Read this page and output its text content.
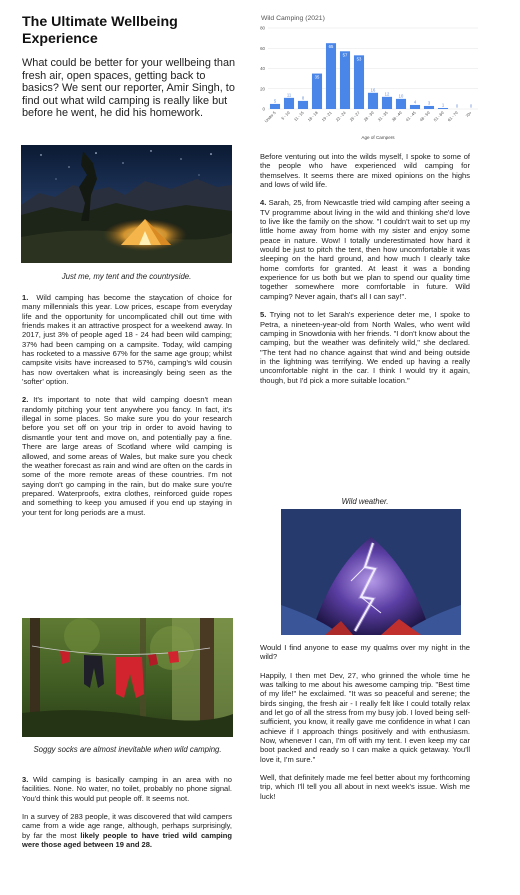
The Ultimate Wellbeing Experience

What could be better for your wellbeing than fresh air, open spaces, getting back to basics? We sent our reporter, Amir Singh, to find out what wild camping is really like but before he went, he did his homework.

Just me, my tent and the countryside.

1. Wild camping has become the staycation of choice for many millennials this year. Low prices, escape from everyday life and the opportunity for uncomplicated chill out time with friends makes it an attractive prospect for a weekend away. In 2017, just 3% of people aged 18 - 24 had been wild camping; 37% had been camping on a campsite. Today, wild camping has rocketed to a massive 67% for the same age group; whilst campsite visits have increased to 57%, camping's wild cousin has now overtaken what is increasingly being seen as the 'softer' option.

2. It's important to note that wild camping doesn't mean randomly pitching your tent anywhere you fancy. In fact, it's illegal in some places. So make sure you do your research before you set off on your trip in order to avoid having to dismantle your tent and move on, and potentially pay a fine. There are large areas of Scotland where wild camping is allowed, and some areas of Wales, but make sure you check the weather forecast as rain and wind are often on the cards in some of the more remote areas of these countries. I'm not saying don't go camping in the rain, but do make sure you're prepared. Waterproofs, extra clothes, reinforced guide ropes and something to keep you amused if you end up staying in your tent for long periods are a must.

Soggy socks are almost inevitable when wild camping.

3. Wild camping is basically camping in an area with no facilities. None. No water, no toilet, probably no phone signal. You'd think this would put people off. It seems not.

In a survey of 283 people, it was discovered that wild campers came from a wide age range, although, perhaps surprisingly, by far the most likely people to have tried wild camping were those aged between 19 and 28.

Wild Camping (2021)
0
20
40
60
80
5
11
8
35
65
57
53
16
12 10
4	3	1	0	0
Under 5 5 - 10 11 - 15 16 - 18 19 - 21 22 - 24 25 - 27 28 - 30 31 - 35 36 - 40 41 - 45 46 - 50 51 - 60 61 - 70 70+
Age of Campers

Before venturing out into the wilds myself, I spoke to some of the people who have experienced wild camping for themselves. It seems there are mixed opinions on the highs and lows of wild life.

4. Sarah, 25, from Newcastle tried wild camping after seeing a TV programme about living in the wild and thinking she'd love to live like the family on the show. "I couldn't wait to set up my little home away from home with my sister and enjoy some peace in nature. Wow! I totally underestimated how hard it would be just to pitch the tent, then how uncomfortable it was sleeping on the hard ground, and how much I clearly take home comforts for granted. At least it was a bonding experience for us both but we plan to spend our quality time together somewhere more comfortable in future. Wild camping? Never again, that's all I can say!".

5. Trying not to let Sarah's experience deter me, I spoke to Petra, a nineteen-year-old from North Wales, who went wild camping in Snowdonia with her friends. "I don't know about the camping, but the weather was definitely wild," she declared. "The tent had no chance against that wind and being outside in the lightning was terrifying. We ended up having a really uncomfortable night in the car. I think I would try it again, though, but I'd pick a more suitable location."

Wild weather.

Would I find anyone to ease my qualms over my night in the wild?

Happily, I then met Dev, 27, who grinned the whole time he was talking to me about his awesome camping trip. "Best time of my life!" he exclaimed. "It was so peaceful and serene; the birds singing, the fresh air - I really felt like I could totally relax and let go of all the stress from my busy job. I loved being self-sufficient, you know, it really gave me confidence in what I can achieve if I approach things positively and with enthusiasm. Now, whenever I can, I'm off with my tent. I even keep my car boot packed and ready so I can make a quick getaway. You'll love it, I'm sure."

Well, that definitely made me feel better about my forthcoming trip, which I'll tell you all about in next week's issue. Wish me luck!
